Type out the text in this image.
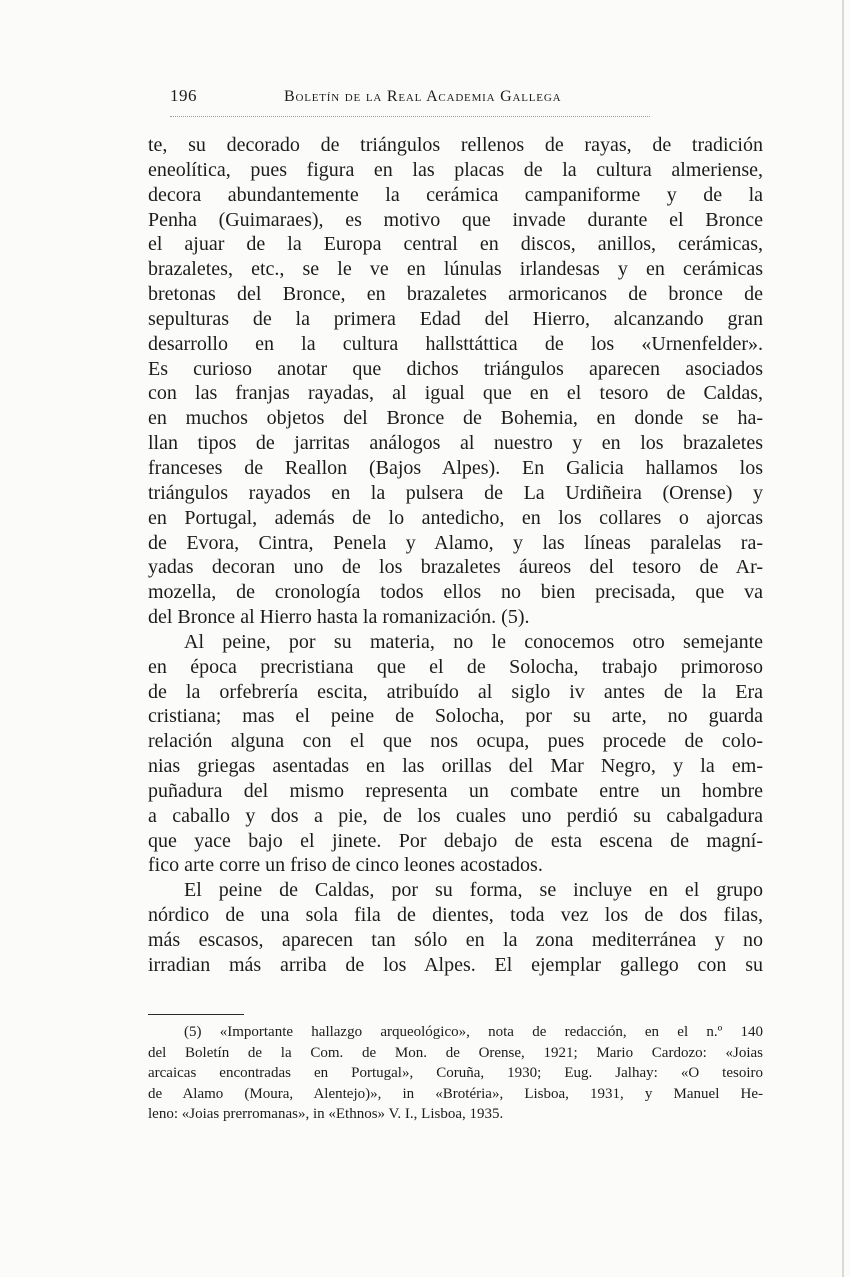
196	Boletín de la Real Academia Gallega
te, su decorado de triángulos rellenos de rayas, de tradición
eneolítica, pues figura en las placas de la cultura almeriense,
decora abundantemente la cerámica campaniforme y de la
Penha (Guimaraes), es motivo que invade durante el Bronce
el ajuar de la Europa central en discos, anillos, cerámicas,
brazaletes, etc., se le ve en lúnulas irlandesas y en cerámicas
bretonas del Bronce, en brazaletes armoricanos de bronce de
sepulturas de la primera Edad del Hierro, alcanzando gran
desarrollo en la cultura hallsttáttica de los «Urnenfelder».
Es curioso anotar que dichos triángulos aparecen asociados
con las franjas rayadas, al igual que en el tesoro de Caldas,
en muchos objetos del Bronce de Bohemia, en donde se ha-
llan tipos de jarritas análogos al nuestro y en los brazaletes
franceses de Reallon (Bajos Alpes). En Galicia hallamos los
triángulos rayados en la pulsera de La Urdiñeira (Orense) y
en Portugal, además de lo antedicho, en los collares o ajorcas
de Evora, Cintra, Penela y Alamo, y las líneas paralelas ra-
yadas decoran uno de los brazaletes áureos del tesoro de Ar-
mozella, de cronología todos ellos no bien precisada, que va
del Bronce al Hierro hasta la romanización. (5).
Al peine, por su materia, no le conocemos otro semejante
en época precristiana que el de Solocha, trabajo primoroso
de la orfebrería escita, atribuído al siglo iv antes de la Era
cristiana; mas el peine de Solocha, por su arte, no guarda
relación alguna con el que nos ocupa, pues procede de colo-
nias griegas asentadas en las orillas del Mar Negro, y la em-
puñadura del mismo representa un combate entre un hombre
a caballo y dos a pie, de los cuales uno perdió su cabalgadura
que yace bajo el jinete. Por debajo de esta escena de magní-
fico arte corre un friso de cinco leones acostados.
El peine de Caldas, por su forma, se incluye en el grupo
nórdico de una sola fila de dientes, toda vez los de dos filas,
más escasos, aparecen tan sólo en la zona mediterránea y no
irradian más arriba de los Alpes. El ejemplar gallego con su
(5) «Importante hallazgo arqueológico», nota de redacción, en el n.º 140
del Boletín de la Com. de Mon. de Orense, 1921; Mario Cardozo: «Joias
arcaicas encontradas en Portugal», Coruña, 1930; Eug. Jalhay: «O tesoiro
de Alamo (Moura, Alentejo)», in «Brotéria», Lisboa, 1931, y Manuel He-
leno: «Joias prerromanas», in «Ethnos» V. I., Lisboa, 1935.
